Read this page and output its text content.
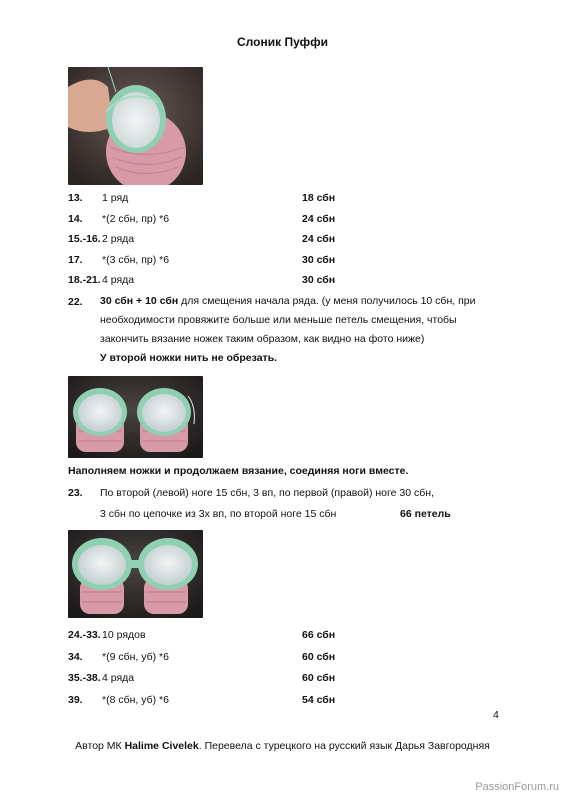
Слоник Пуффи
13. 1 ряд	18 сбн
14. *(2 сбн, пр) *6	24 сбн
15.-16. 2 ряда	24 сбн
17. *(3 сбн, пр) *6	30 сбн
18.-21. 4 ряда	30 сбн
22. 30 сбн + 10 сбн для смещения начала ряда. (у меня получилось 10 сбн, при
необходимости провяжите больше или меньше петель смещения, чтобы
закончить вязание ножек таким образом, как видно на фото ниже)
У второй ножки нить не обрезать.
Наполняем ножки и продолжаем вязание, соединяя ноги вместе.
23. По второй (левой) ноге 15 сбн, 3 вп, по первой (правой) ноге 30 сбн,
3 сбн по цепочке из 3х вп, по второй ноге 15 сбн	66 петель
24.-33. 10 рядов	66 сбн
34. *(9 сбн, уб) *6	60 сбн
35.-38. 4 ряда	60 сбн
39. *(8 сбн, уб) *6	54 сбн
4
Автор МК Halime Civelek. Перевела с турецкого на русский язык Дарья Завгородняя
PassionForum.ru
